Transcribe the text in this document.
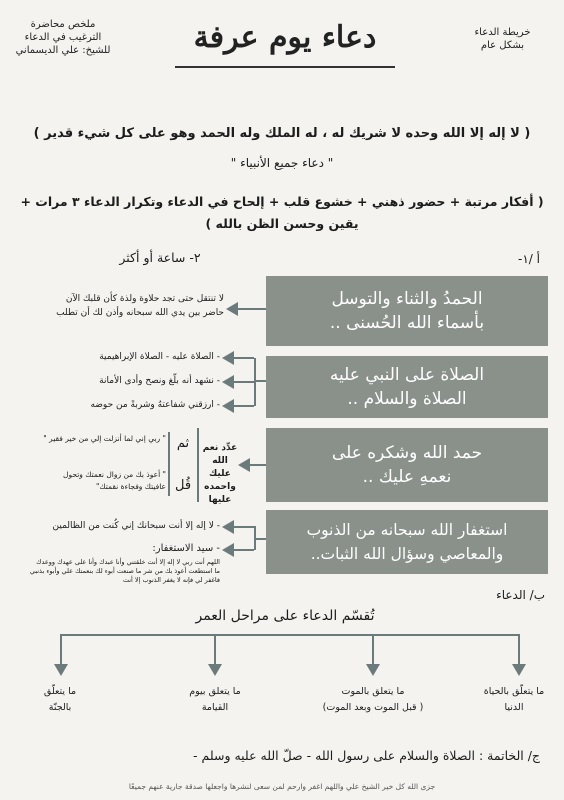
خريطة الدعاء
بشكل عام
ملخص محاضرة
الترغيب في الدعاء
للشيخ: علي الديسماني	دعاء يوم عرفة
( لا إله إلا الله وحده لا شريك له ، له الملك وله الحمد وهو على كل شيء قدير )
" دعاء جميع الأنبياء "
( أفكار مرتبة + حضور ذهني + خشوع قلب + إلحاح في الدعاء وتكرار الدعاء ٣ مرات +
يقين وحسن الظن بالله )
أ /١-
٢- ساعة أو أكثر
الحمدُ والثناء والتوسل
بأسماء الله الحُسنى ..
لا تنتقل حتى تجد حلاوة ولذة كأن قلبك الآن
حاضر بين يدي الله سبحانه وأذن لك أن تطلب
الصلاة على النبي عليه
الصلاة والسلام ..
- الصلاة عليه - الصلاة الإبراهيمية
- نشهد أنه بلّغ ونصح وأدى الأمانة
- ارزقني شفاعتهُ وشربةً من حوضه
حمد الله وشكره على
نعمهِ عليك ..
عدِّد نعم
الله عليك
واحمده عليها
ثم
قُل
" ربي إني لما أنزلت إلي من خير فقير "
" أعوذ بك من زوال نعمتك وتحول
عافيتك وفجاءة نقمتك"
استغفار الله سبحانه من الذنوب
والمعاصي وسؤال الله الثبات..
- لا إله إلا أنت سبحانك إني كُنت من الظالمين
- سيد الاستغفار:
اللهم أنت ربي لا إله إلا أنت خلقتني وأنا عبدك وأنا على عهدك ووعدك
ما استطعت أعوذ بك من شر ما صنعت أبوء لك بنعمتك علي وأبوء بذنبي
فاغفر لي فإنه لا يغفر الذنوب إلا أنت
ب/ الدعاء
تُقسّم الدعاء على مراحل العمر
ما يتعلّق بالحياة
الدنيا
ما يتعلق بالموت
( قبل الموت وبعد الموت)
ما يتعلق بيوم
القيامة
ما يتعلّق
بالجنّة
ج/ الخاتمة : الصلاة والسلام على رسول الله - صلّ الله عليه وسلم -
جزى الله كل خير الشيخ علي واللهم اغفر وارحم لمن سعى لنشرها واجعلها صدقة جارية عنهم جميعًا
